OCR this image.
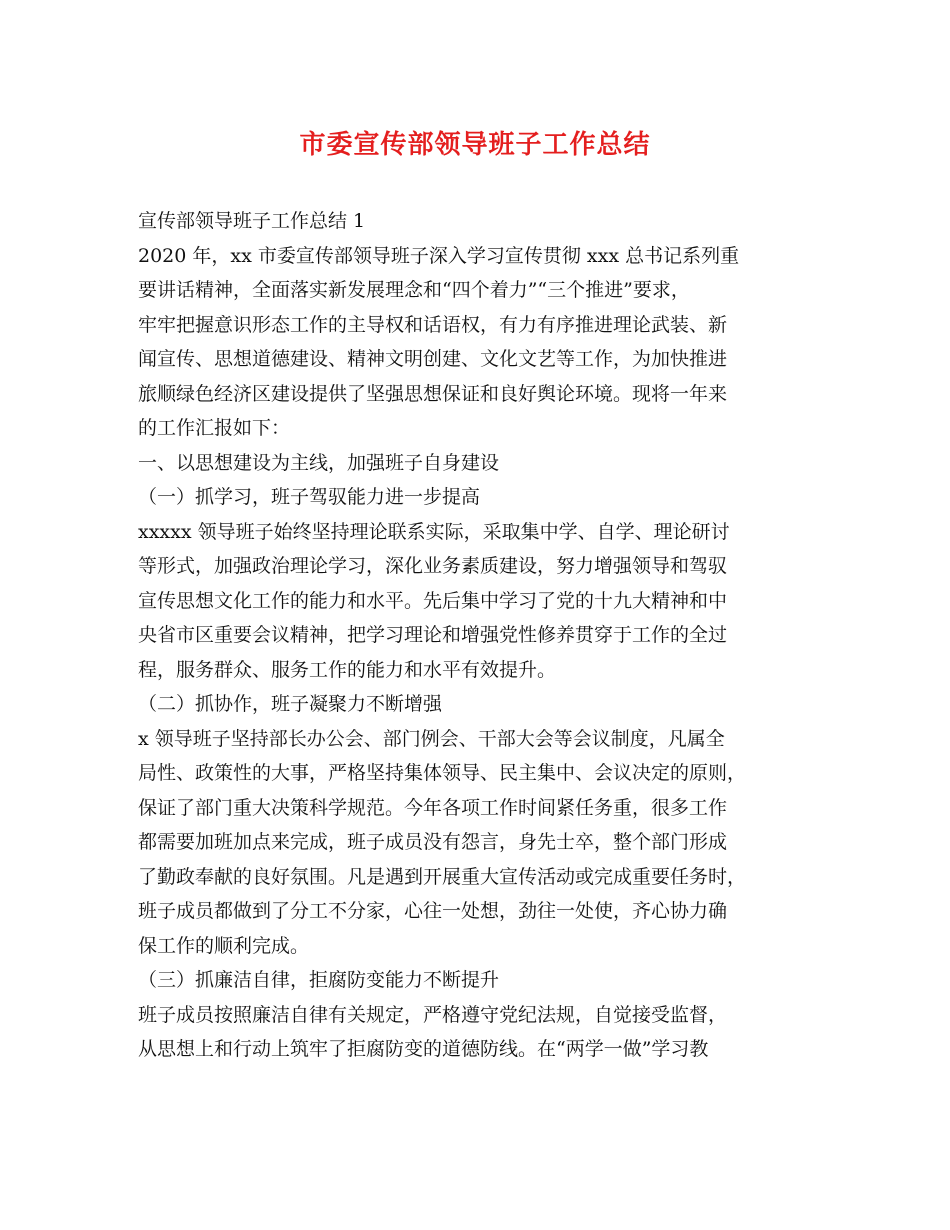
市委宣传部领导班子工作总结
宣传部领导班子工作总结 1
2020 年，xx 市委宣传部领导班子深入学习宣传贯彻 xxx 总书记系列重
要讲话精神，全面落实新发展理念和“四个着力”“三个推进”要求，
牢牢把握意识形态工作的主导权和话语权，有力有序推进理论武装、新
闻宣传、思想道德建设、精神文明创建、文化文艺等工作，为加快推进
旅顺绿色经济区建设提供了坚强思想保证和良好舆论环境。现将一年来
的工作汇报如下：
一、以思想建设为主线，加强班子自身建设
（一）抓学习，班子驾驭能力进一步提高
xxxxx 领导班子始终坚持理论联系实际，采取集中学、自学、理论研讨
等形式，加强政治理论学习，深化业务素质建设，努力增强领导和驾驭
宣传思想文化工作的能力和水平。先后集中学习了党的十九大精神和中
央省市区重要会议精神，把学习理论和增强党性修养贯穿于工作的全过
程，服务群众、服务工作的能力和水平有效提升。
（二）抓协作，班子凝聚力不断增强
x 领导班子坚持部长办公会、部门例会、干部大会等会议制度，凡属全
局性、政策性的大事，严格坚持集体领导、民主集中、会议决定的原则，
保证了部门重大决策科学规范。今年各项工作时间紧任务重，很多工作
都需要加班加点来完成，班子成员没有怨言，身先士卒，整个部门形成
了勤政奉献的良好氛围。凡是遇到开展重大宣传活动或完成重要任务时，
班子成员都做到了分工不分家，心往一处想，劲往一处使，齐心协力确
保工作的顺利完成。
（三）抓廉洁自律，拒腐防变能力不断提升
班子成员按照廉洁自律有关规定，严格遵守党纪法规，自觉接受监督，
从思想上和行动上筑牢了拒腐防变的道德防线。在“两学一做”学习教
